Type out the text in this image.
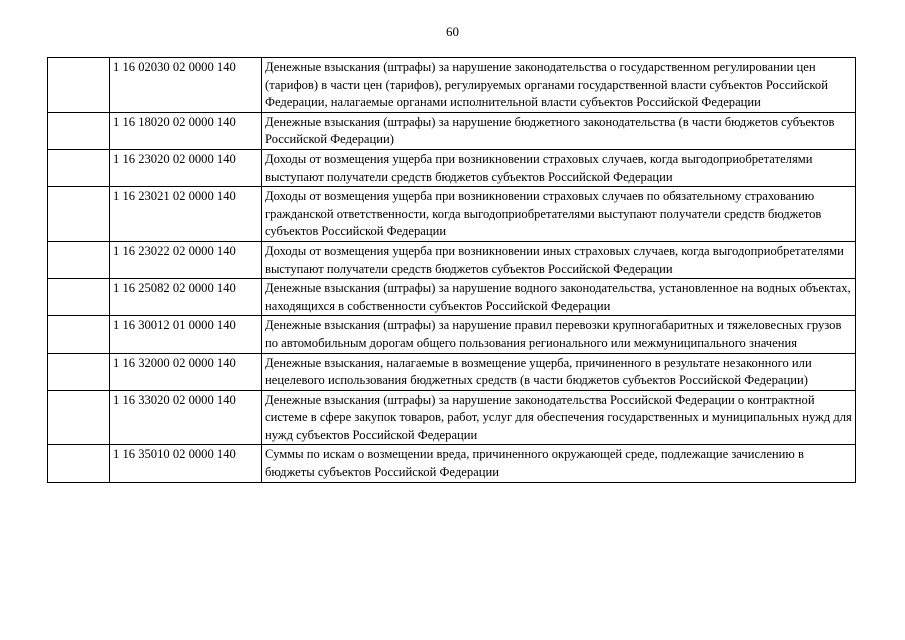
60
	1 16 02030 02 0000 140	Денежные взыскания (штрафы) за нарушение законодательства о государственном регулировании цен (тарифов) в части цен (тарифов), регулируемых органами государственной власти субъектов Российской Федерации, налагаемые органами исполнительной власти субъектов Российской Федерации
	1 16 18020 02 0000 140	Денежные взыскания (штрафы) за нарушение бюджетного законодательства (в части бюджетов субъектов Российской Федерации)
	1 16 23020 02 0000 140	Доходы от возмещения ущерба при возникновении страховых случаев, когда выгодоприобретателями выступают получатели средств бюджетов субъектов Российской Федерации
	1 16 23021 02 0000 140	Доходы от возмещения ущерба при возникновении страховых случаев по обязательному страхованию гражданской ответственности, когда выгодоприобретателями выступают получатели средств бюджетов субъектов Российской Федерации
	1 16 23022 02 0000 140	Доходы от возмещения ущерба при возникновении иных страховых случаев, когда выгодоприобретателями выступают получатели средств бюджетов субъектов Российской Федерации
	1 16 25082 02 0000 140	Денежные взыскания (штрафы) за нарушение водного законодательства, установленное на водных объектах, находящихся в собственности субъектов Российской Федерации
	1 16 30012 01 0000 140	Денежные взыскания (штрафы) за нарушение правил перевозки крупногабаритных и тяжеловесных грузов по автомобильным дорогам общего пользования регионального или межмуниципального значения
	1 16 32000 02 0000 140	Денежные взыскания, налагаемые в возмещение ущерба, причиненного в результате незаконного или нецелевого использования бюджетных средств (в части бюджетов субъектов Российской Федерации)
	1 16 33020 02 0000 140	Денежные взыскания (штрафы) за нарушение законодательства Российской Федерации о контрактной системе в сфере закупок товаров, работ, услуг для обеспечения государственных и муниципальных нужд для нужд субъектов Российской Федерации
	1 16 35010 02 0000 140	Суммы по искам о возмещении вреда, причиненного окружающей среде, подлежащие зачислению в бюджеты субъектов Российской Федерации
